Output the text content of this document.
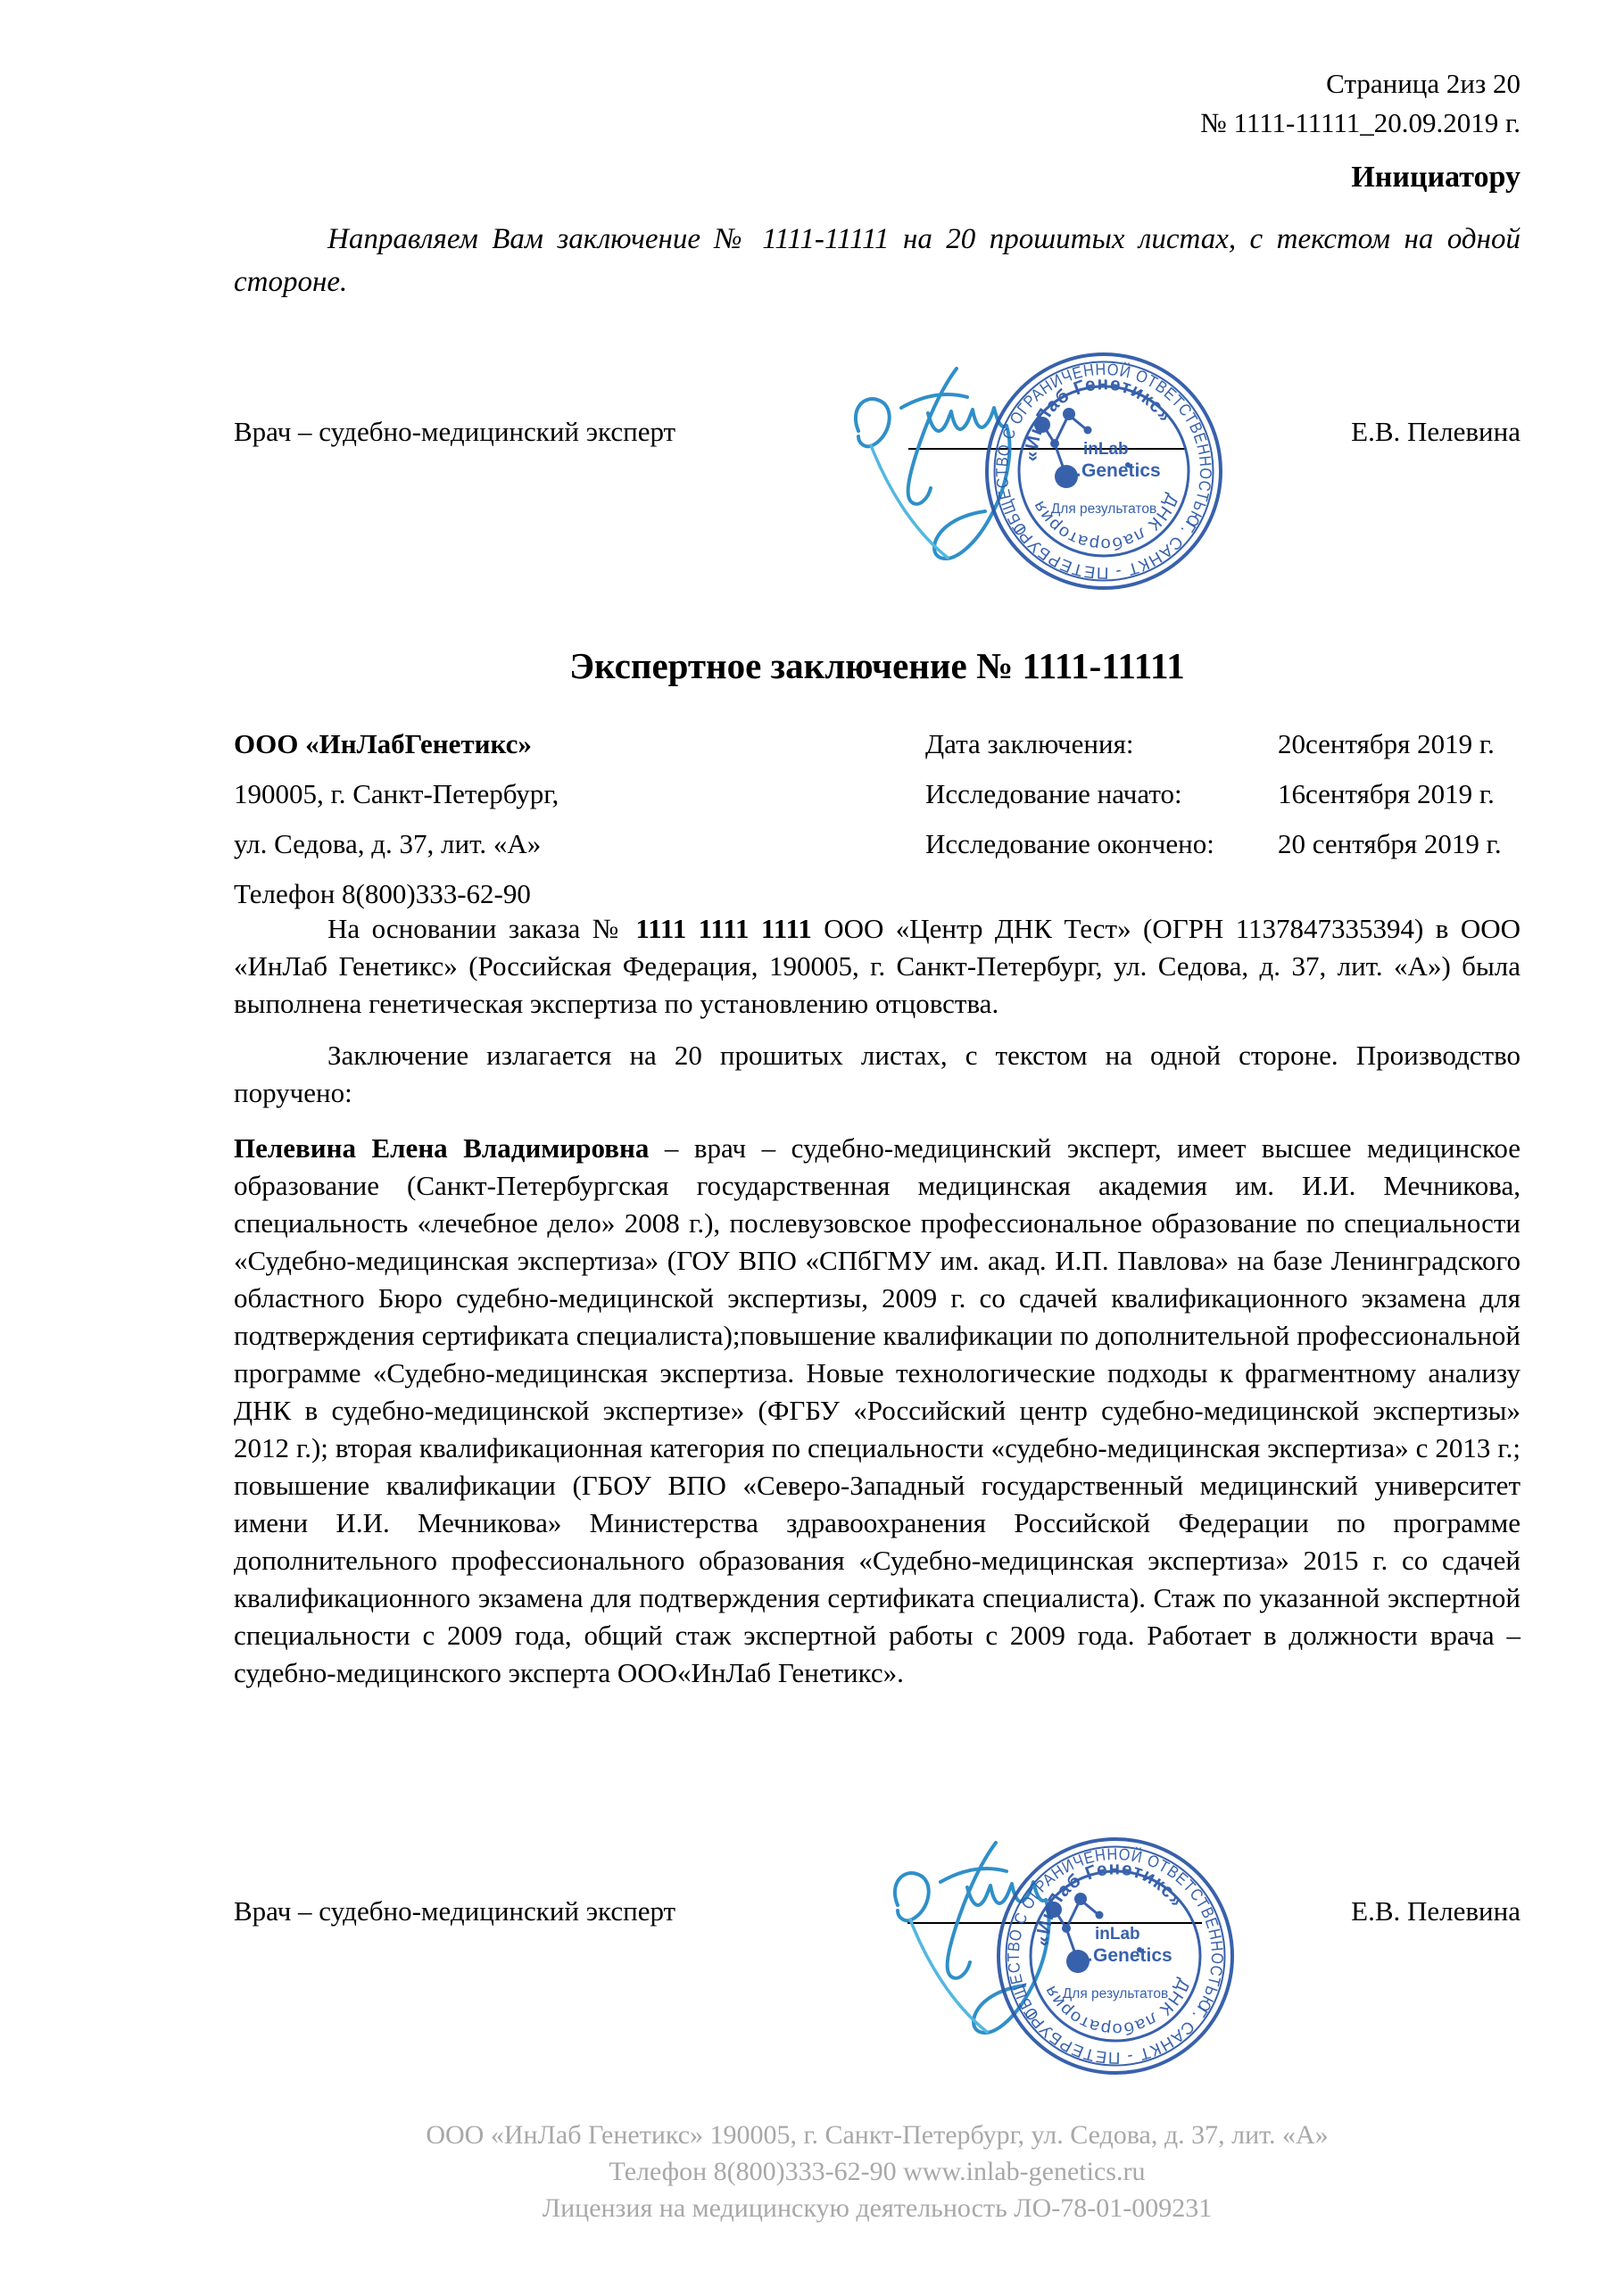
Страница 2из 20
№ 1111-11111_20.09.2019 г.
Инициатору
Направляем Вам заключение № 1111-11111 на 20 прошитых листах, с текстом на одной стороне.
Врач – судебно-медицинский эксперт	Е.В. Пелевина
Экспертное заключение № 1111-11111
ООО «ИнЛабГенетикс»	Дата заключения:	20сентября 2019 г.
190005, г. Санкт-Петербург,	Исследование начато:	16сентября 2019 г.
ул. Седова, д. 37, лит. «А»	Исследование окончено: 20 сентября 2019 г.
Телефон 8(800)333-62-90
На основании заказа № 1111 1111 1111 ООО «Центр ДНК Тест» (ОГРН 1137847335394) в ООО «ИнЛаб Генетикс» (Российская Федерация, 190005, г. Санкт-Петербург, ул. Седова, д. 37, лит. «А») была выполнена генетическая экспертиза по установлению отцовства.
Заключение излагается на 20 прошитых листах, с текстом на одной стороне. Производство поручено:
Пелевина Елена Владимировна – врач – судебно-медицинский эксперт, имеет высшее медицинское образование (Санкт-Петербургская государственная медицинская академия им. И.И. Мечникова, специальность «лечебное дело» 2008 г.), послевузовское профессиональное образование по специальности «Судебно-медицинская экспертиза» (ГОУ ВПО «СПбГМУ им. акад. И.П. Павлова» на базе Ленинградского областного Бюро судебно-медицинской экспертизы, 2009 г. со сдачей квалификационного экзамена для подтверждения сертификата специалиста);повышение квалификации по дополнительной профессиональной программе «Судебно-медицинская экспертиза. Новые технологические подходы к фрагментному анализу ДНК в судебно-медицинской экспертизе» (ФГБУ «Российский центр судебно-медицинской экспертизы» 2012 г.); вторая квалификационная категория по специальности «судебно-медицинская экспертиза» с 2013 г.; повышение квалификации (ГБОУ ВПО «Северо-Западный государственный медицинский университет имени И.И. Мечникова» Министерства здравоохранения Российской Федерации по программе дополнительного профессионального образования «Судебно-медицинская экспертиза» 2015 г. со сдачей квалификационного экзамена для подтверждения сертификата специалиста). Стаж по указанной экспертной специальности с 2009 года, общий стаж экспертной работы с 2009 года. Работает в должности врача – судебно-медицинского эксперта ООО«ИнЛаб Генетикс».
Врач – судебно-медицинский эксперт	Е.В. Пелевина
ООО «ИнЛаб Генетикс» 190005, г. Санкт-Петербург, ул. Седова, д. 37, лит. «А»
Телефон 8(800)333-62-90 www.inlab-genetics.ru
Лицензия на медицинскую деятельность ЛО-78-01-009231
